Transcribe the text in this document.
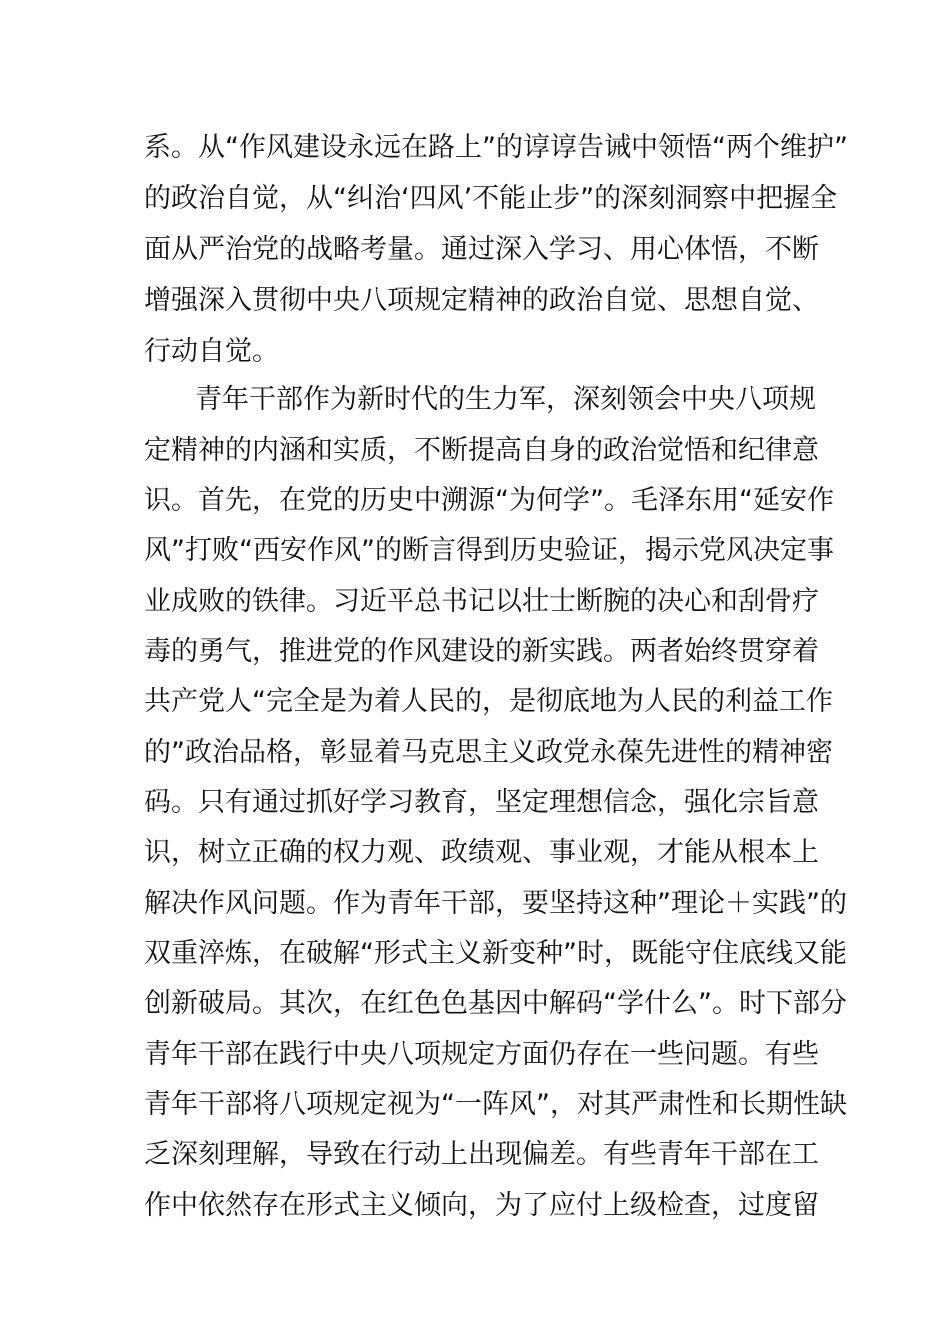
系。从“作风建设永远在路上”的谆谆告诫中领悟“两个维护”
的政治自觉，从“纠治‘四风’不能止步”的深刻洞察中把握全
面从严治党的战略考量。通过深入学习、用心体悟，不断
增强深入贯彻中央八项规定精神的政治自觉、思想自觉、
行动自觉。
青年干部作为新时代的生力军，深刻领会中央八项规
定精神的内涵和实质，不断提高自身的政治觉悟和纪律意
识。首先，在党的历史中溯源“为何学”。毛泽东用“延安作
风”打败“西安作风”的断言得到历史验证，揭示党风决定事
业成败的铁律。习近平总书记以壮士断腕的决心和刮骨疗
毒的勇气，推进党的作风建设的新实践。两者始终贯穿着
共产党人“完全是为着人民的，是彻底地为人民的利益工作
的”政治品格，彰显着马克思主义政党永葆先进性的精神密
码。只有通过抓好学习教育，坚定理想信念，强化宗旨意
识，树立正确的权力观、政绩观、事业观，才能从根本上
解决作风问题。作为青年干部，要坚持这种”理论＋实践”的
双重淬炼，在破解“形式主义新变种”时，既能守住底线又能
创新破局。其次，在红色色基因中解码“学什么”。时下部分
青年干部在践行中央八项规定方面仍存在一些问题。有些
青年干部将八项规定视为“一阵风”，对其严肃性和长期性缺
乏深刻理解，导致在行动上出现偏差。有些青年干部在工
作中依然存在形式主义倾向，为了应付上级检查，过度留
